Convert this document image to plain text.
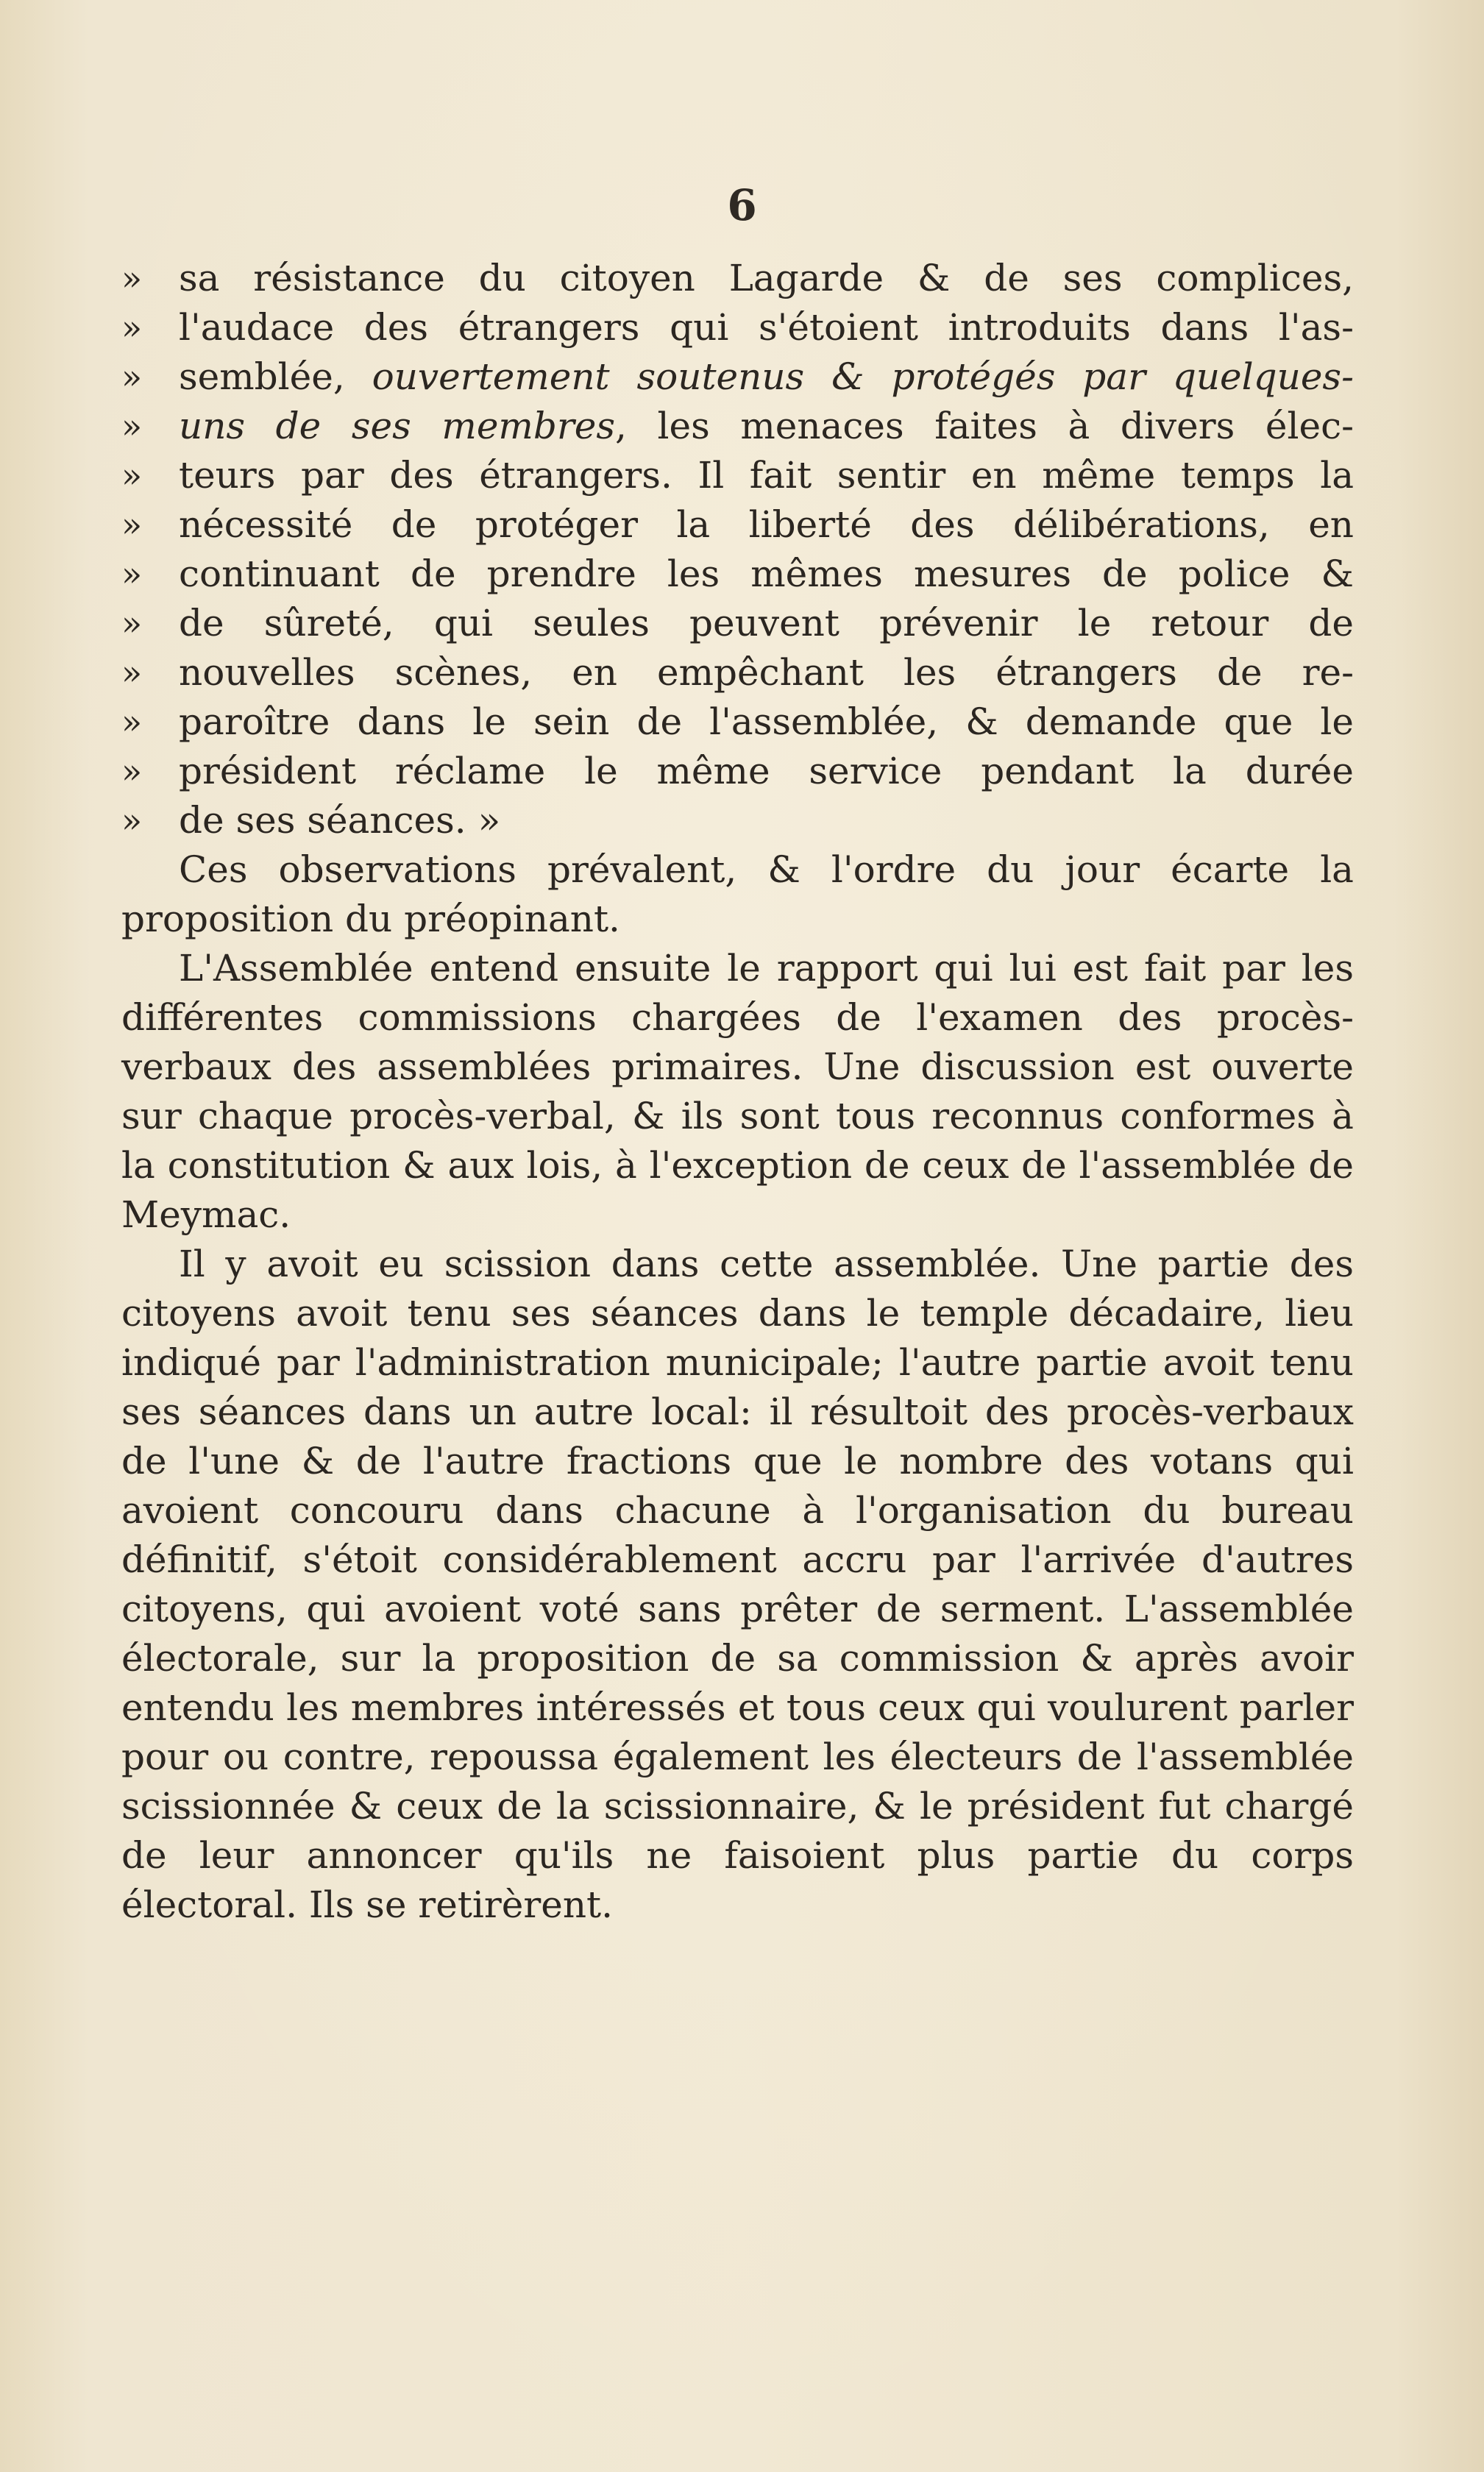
6
» sa résistance du citoyen Lagarde & de ses complices,
» l'audace des étrangers qui s'étoient introduits dans l'as-
» semblée, ouvertement soutenus & protégés par quelques-
» uns de ses membres, les menaces faites à divers élec-
» teurs par des étrangers. Il fait sentir en même temps la
» nécessité de protéger la liberté des délibérations, en
» continuant de prendre les mêmes mesures de police &
» de sûreté, qui seules peuvent prévenir le retour de
» nouvelles scènes, en empêchant les étrangers de re-
» paroître dans le sein de l'assemblée, & demande que le
» président réclame le même service pendant la durée
» de ses séances. »

Ces observations prévalent, & l'ordre du jour écarte la proposition du préopinant.

L'Assemblée entend ensuite le rapport qui lui est fait par les différentes commissions chargées de l'examen des procès-verbaux des assemblées primaires. Une discussion est ouverte sur chaque procès-verbal, & ils sont tous reconnus conformes à la constitution & aux lois, à l'exception de ceux de l'assemblée de Meymac.

Il y avoit eu scission dans cette assemblée. Une partie des citoyens avoit tenu ses séances dans le temple décadaire, lieu indiqué par l'administration municipale; l'autre partie avoit tenu ses séances dans un autre local: il résultoit des procès-verbaux de l'une & de l'autre fractions que le nombre des votans qui avoient concouru dans chacune à l'organisation du bureau définitif, s'étoit considérablement accru par l'arrivée d'autres citoyens, qui avoient voté sans prêter de serment. L'assemblée électorale, sur la proposition de sa commission & après avoir entendu les membres intéressés et tous ceux qui voulurent parler pour ou contre, repoussa également les électeurs de l'assemblée scissionnée & ceux de la scissionnaire, & le président fut chargé de leur annoncer qu'ils ne faisoient plus partie du corps électoral. Ils se retirèrent.
